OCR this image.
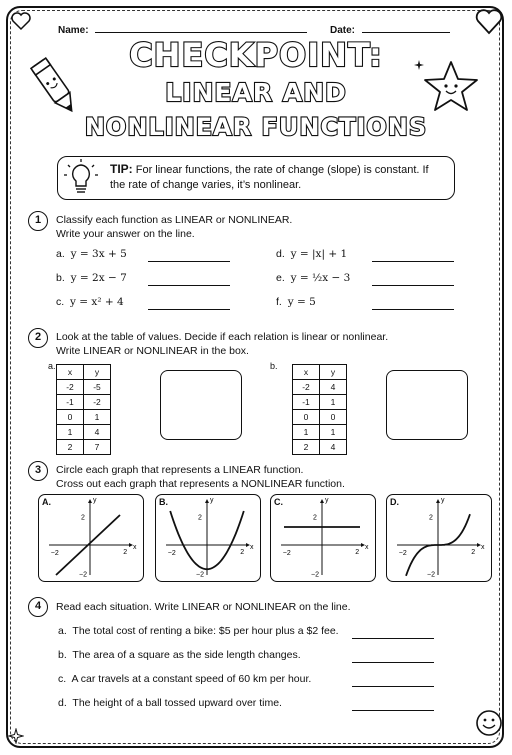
Name:	Date:
CHECKPOINT:
LINEAR AND
NONLINEAR FUNCTIONS
TIP: For linear functions, the rate of change (slope) is constant. If the rate of change varies, it’s nonlinear.
1	Classify each function as LINEAR or NONLINEAR.
Write your answer on the line.
a. y = 3x + 5	d. y = |x| + 1
b. y = 2x − 7	e. y = ½x − 3
c. y = x² + 4	f. y = 5
2	Look at the table of values. Decide if each relation is linear or nonlinear.
Write LINEAR or NONLINEAR in the box.
a.
x	y
-2	-5
-1	-2
0	1
1	4
2	7
b.
x	y
-2	4
-1	1
0	0
1	1
2	4
3	Circle each graph that represents a LINEAR function.
Cross out each graph that represents a NONLINEAR function.
A.
−2	2
2
−2
x
y	B.
−2	2
2
−2
x
y	C.
−2	2
2
−2
x
y	D.
−2	2
2
−2
x
y
4	Read each situation. Write LINEAR or NONLINEAR on the line.
a. The total cost of renting a bike: $5 per hour plus a $2 fee.
b. The area of a square as the side length changes.
c. A car travels at a constant speed of 60 km per hour.
d. The height of a ball tossed upward over time.
